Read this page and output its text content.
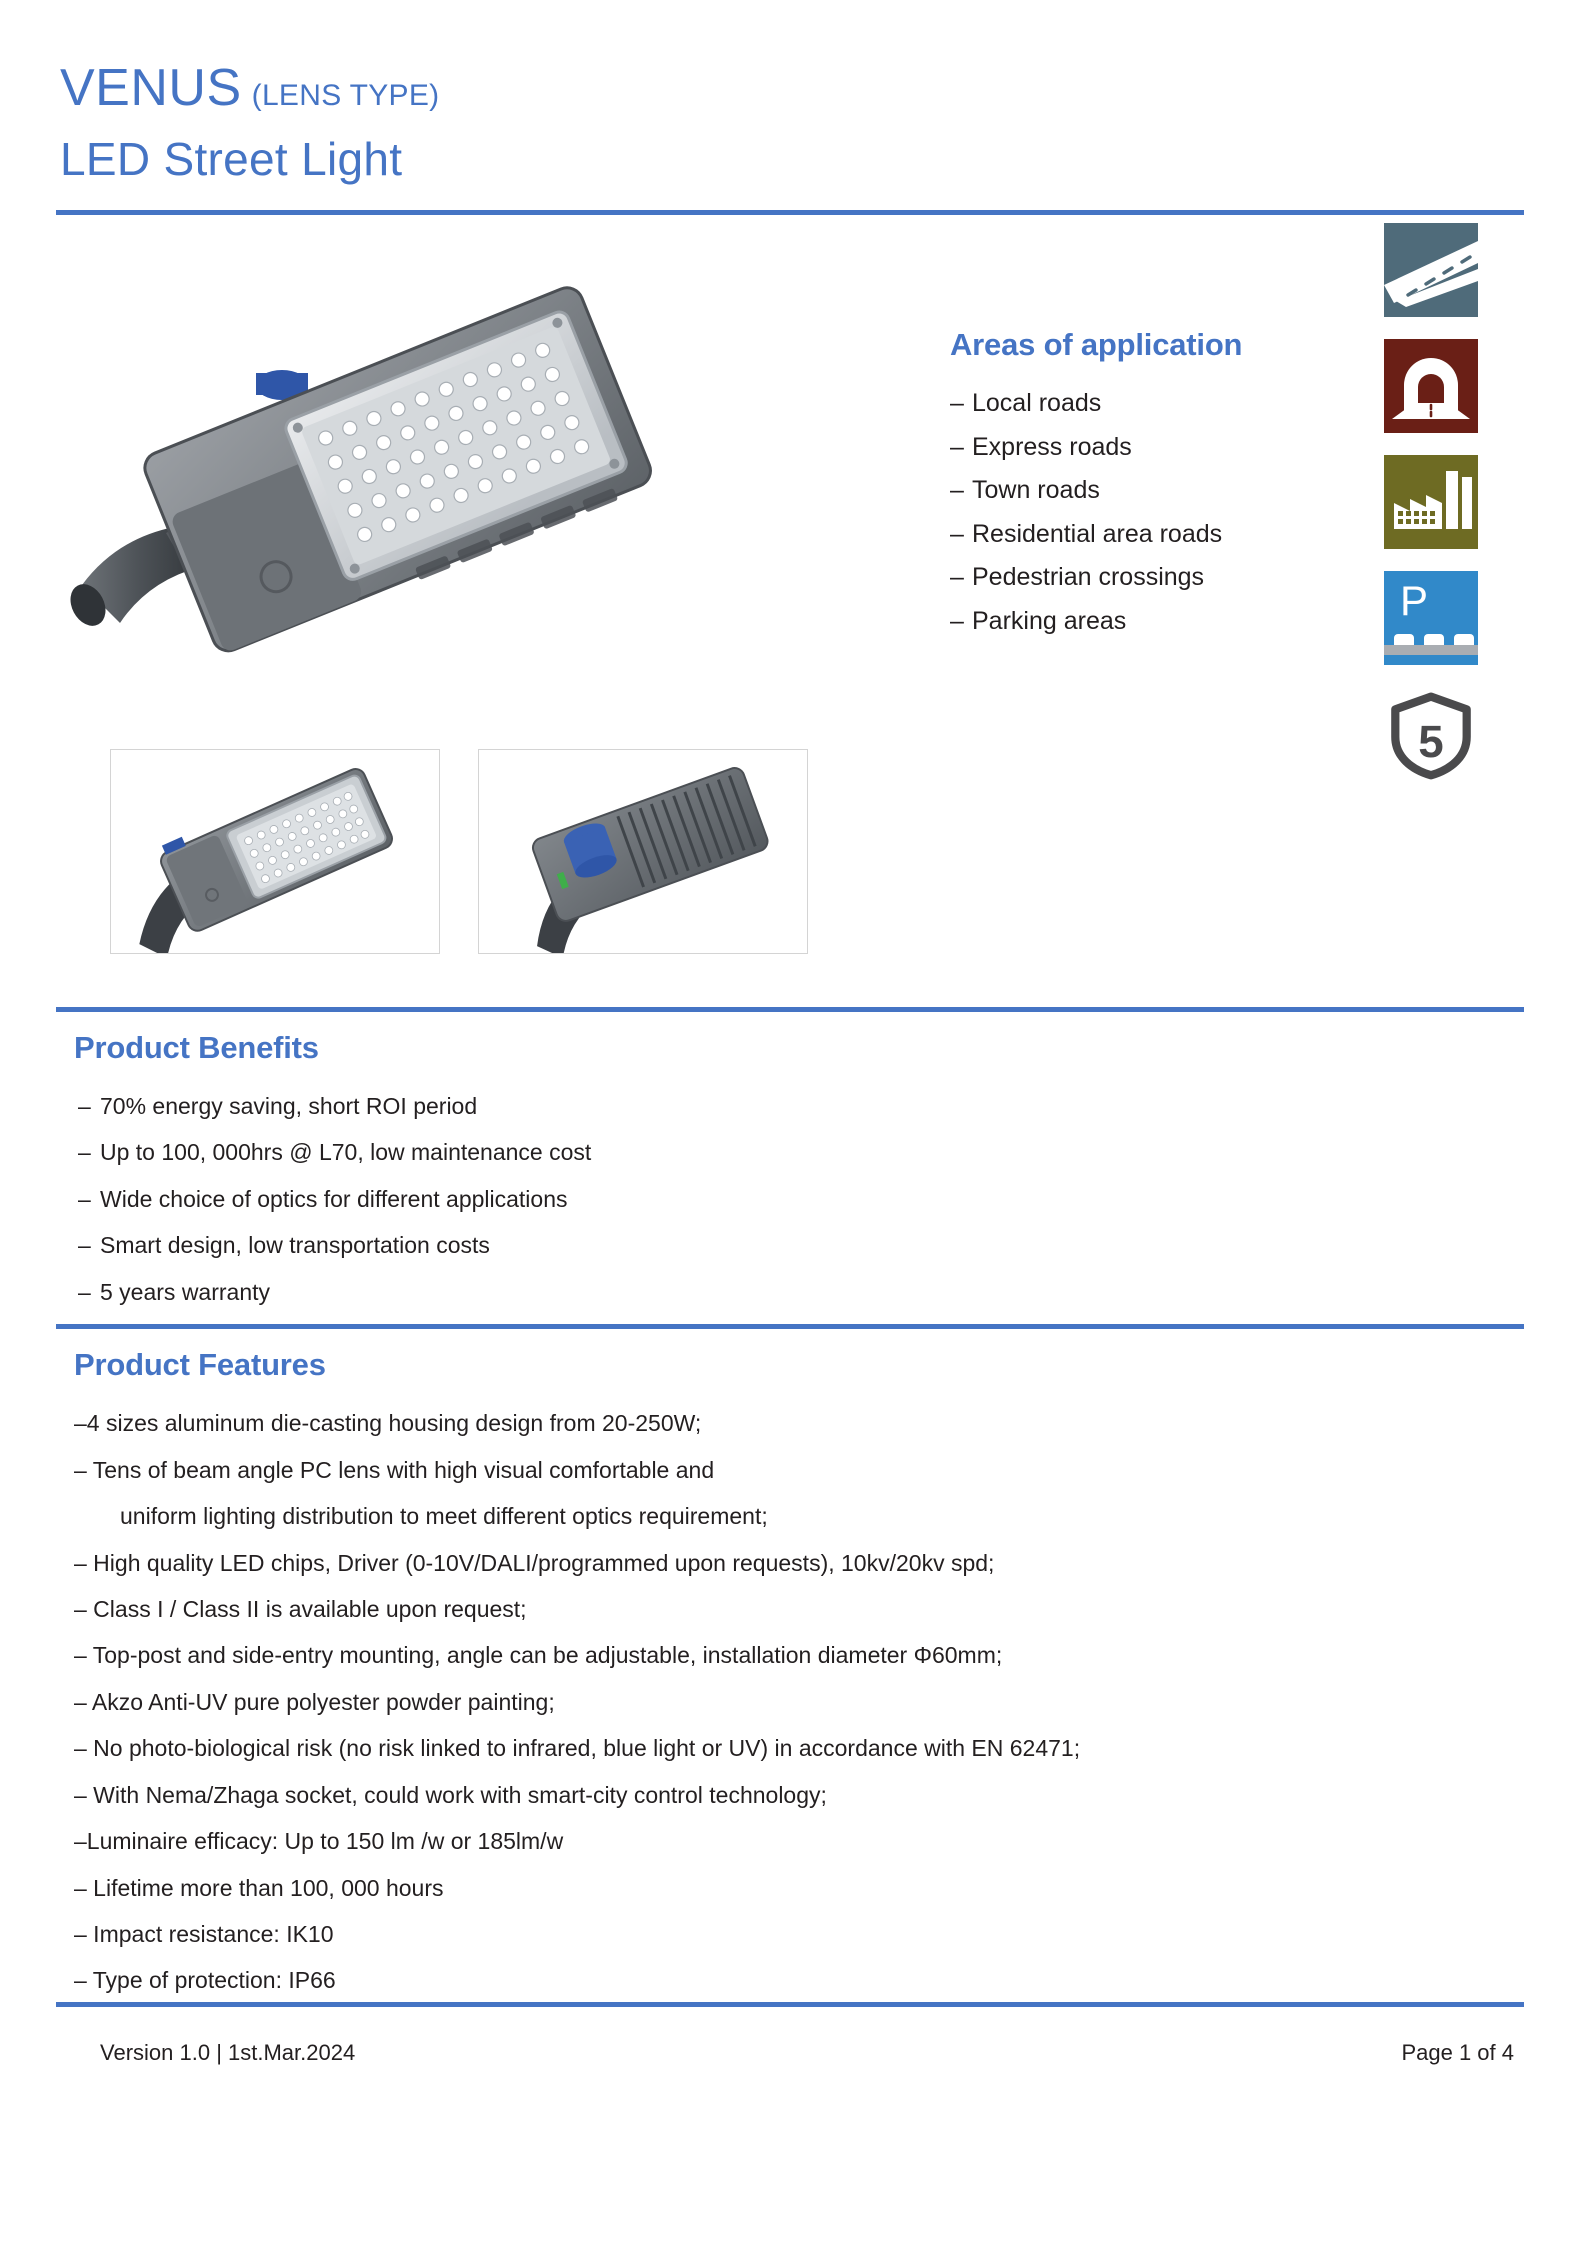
VENUS (LENS TYPE)
LED Street Light
Areas of application
– Local roads
– Express roads
– Town roads
– Residential area roads
– Pedestrian crossings
– Parking areas	P
5
Product Benefits
– 70% energy saving, short ROI period
– Up to 100, 000hrs @ L70, low maintenance cost
– Wide choice of optics for different applications
– Smart design, low transportation costs
– 5 years warranty
Product Features
–4 sizes aluminum die-casting housing design from 20-250W;
– Tens of beam angle PC lens with high visual comfortable and
uniform lighting distribution to meet different optics requirement;
– High quality LED chips, Driver (0-10V/DALI/programmed upon requests), 10kv/20kv spd;
– Class I / Class II is available upon request;
– Top-post and side-entry mounting, angle can be adjustable, installation diameter Φ60mm;
– Akzo Anti-UV pure polyester powder painting;
– No photo-biological risk (no risk linked to infrared, blue light or UV) in accordance with EN 62471;
– With Nema/Zhaga socket, could work with smart-city control technology;
–Luminaire efficacy: Up to 150 lm /w or 185lm/w
– Lifetime more than 100, 000 hours
– Impact resistance: IK10
– Type of protection: IP66
Version 1.0 | 1st.Mar.2024	Page 1 of 4
